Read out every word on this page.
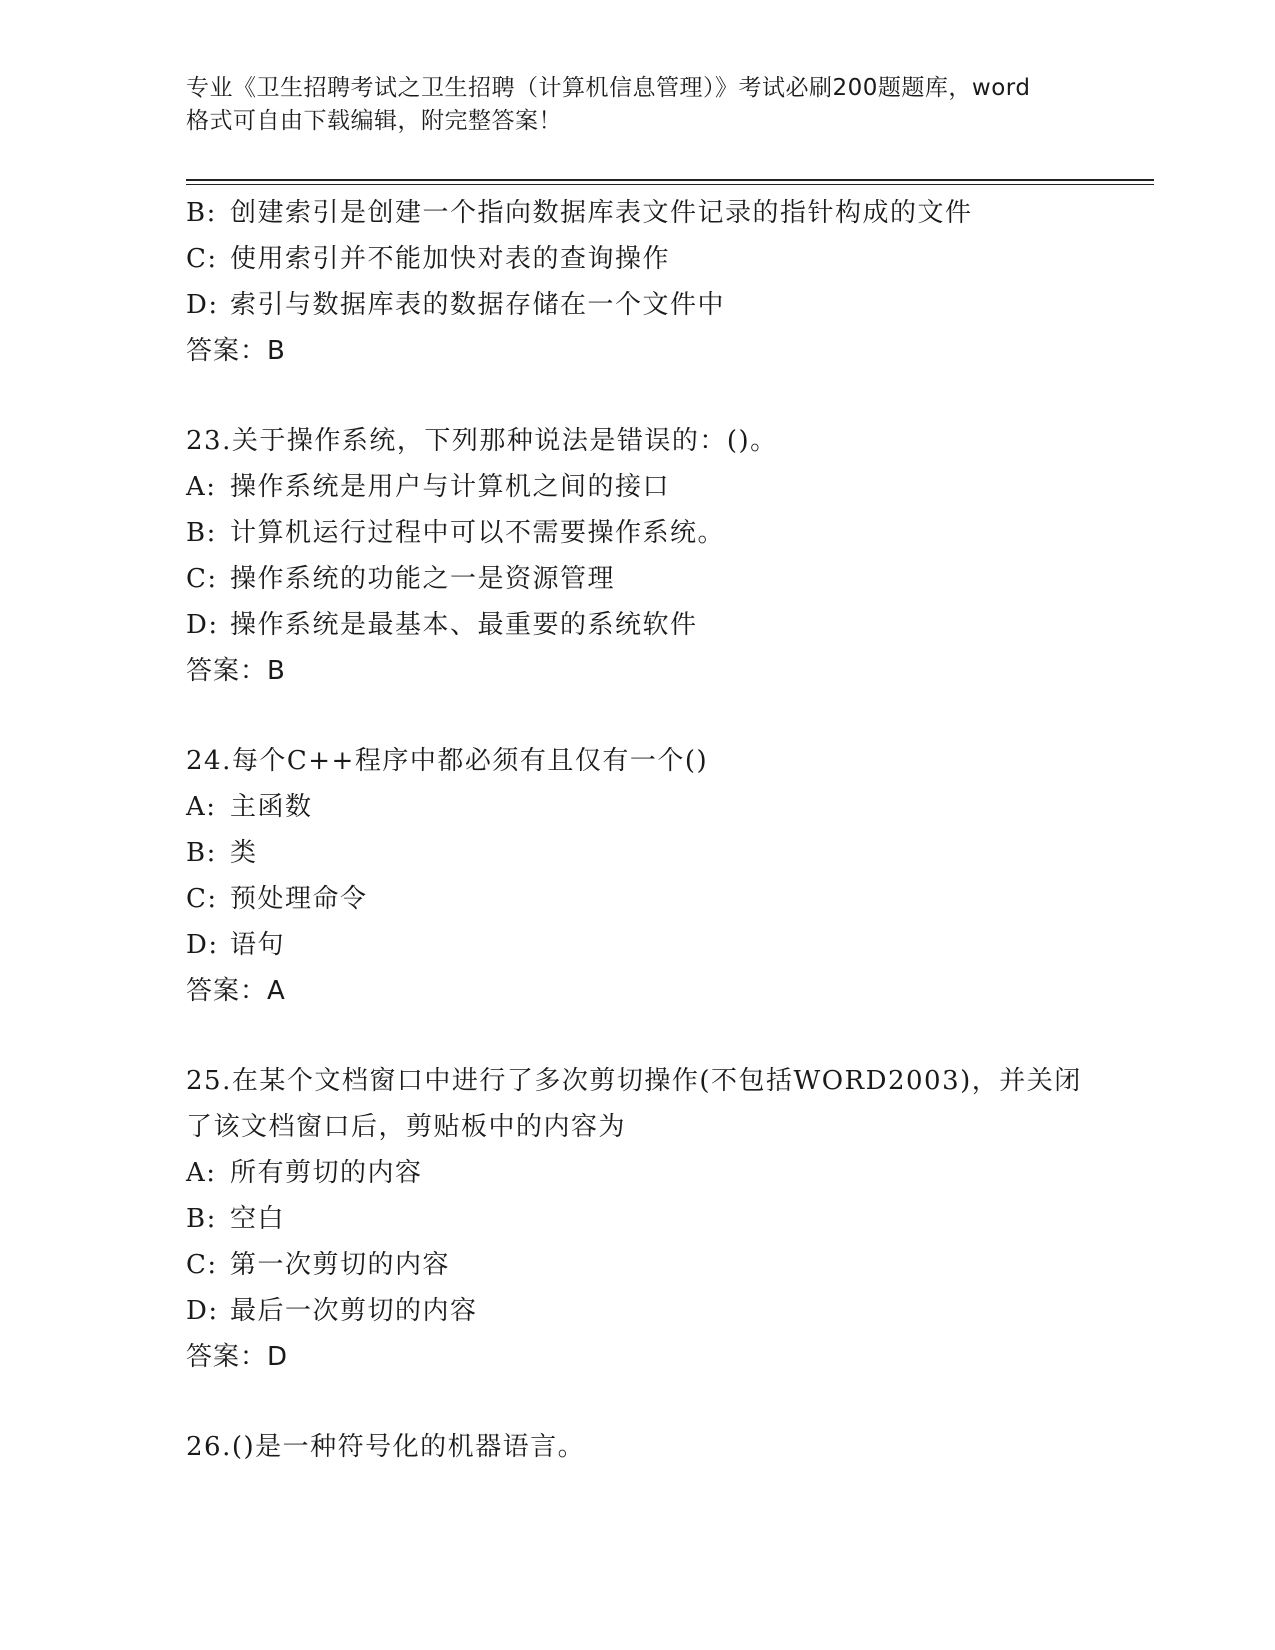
专业《卫生招聘考试之卫生招聘（计算机信息管理）》考试必刷200题题库，word
格式可自由下载编辑，附完整答案！
B: 创建索引是创建一个指向数据库表文件记录的指针构成的文件
C: 使用索引并不能加快对表的查询操作
D: 索引与数据库表的数据存储在一个文件中
答案：B
23.关于操作系统，下列那种说法是错误的：()。
A: 操作系统是用户与计算机之间的接口
B: 计算机运行过程中可以不需要操作系统。
C: 操作系统的功能之一是资源管理
D: 操作系统是最基本、最重要的系统软件
答案：B
24.每个C++程序中都必须有且仅有一个()
A: 主函数
B: 类
C: 预处理命令
D: 语句
答案：A
25.在某个文档窗口中进行了多次剪切操作(不包括WORD2003)，并关闭
了该文档窗口后，剪贴板中的内容为
A: 所有剪切的内容
B: 空白
C: 第一次剪切的内容
D: 最后一次剪切的内容
答案：D
26.()是一种符号化的机器语言。
